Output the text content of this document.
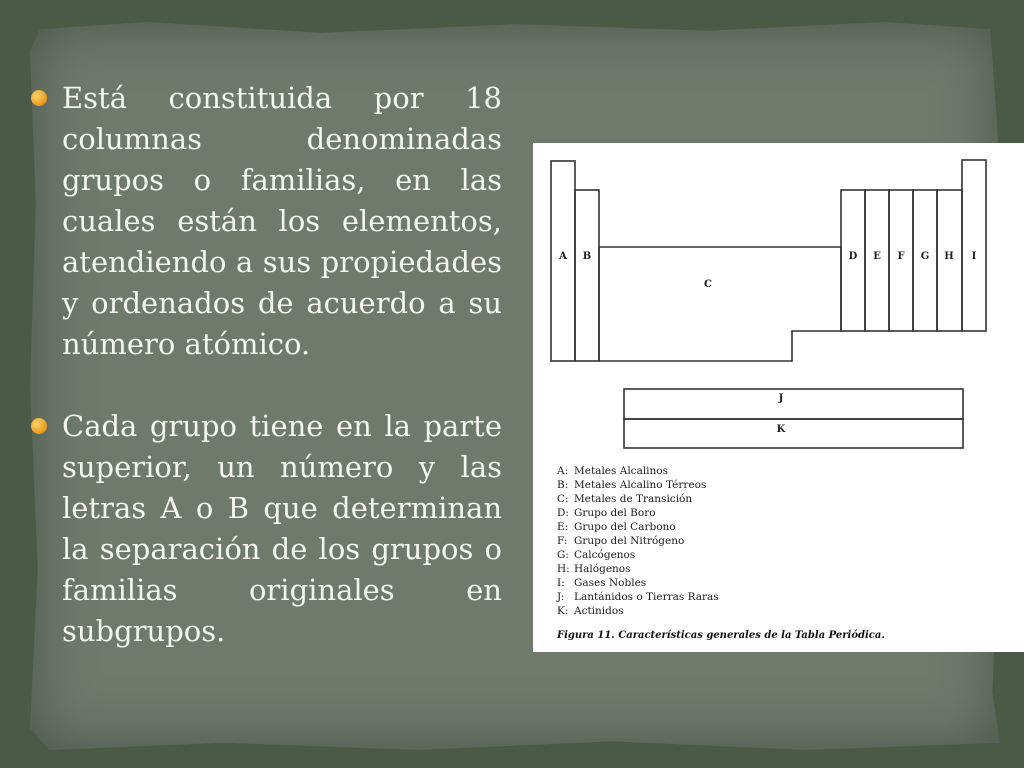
Está constituida por 18 columnas denominadas grupos o familias, en las cuales están los elementos, atendiendo a sus propiedades y ordenados de acuerdo a su número atómico.
Cada grupo tiene en la parte superior, un número y las letras A o B que determinan la separación de los grupos o familias originales en subgrupos.
A B
C
D E F G H I
J
K
A: Metales Alcalinos
B: Metales Alcalino Térreos
C: Metales de Transición
D: Grupo del Boro
E: Grupo del Carbono
F: Grupo del Nitrógeno
G: Calcógenos
H: Halógenos
I: Gases Nobles
J: Lantánidos o Tierras Raras
K: Actinidos
Figura 11. Características generales de la Tabla Periódica.
